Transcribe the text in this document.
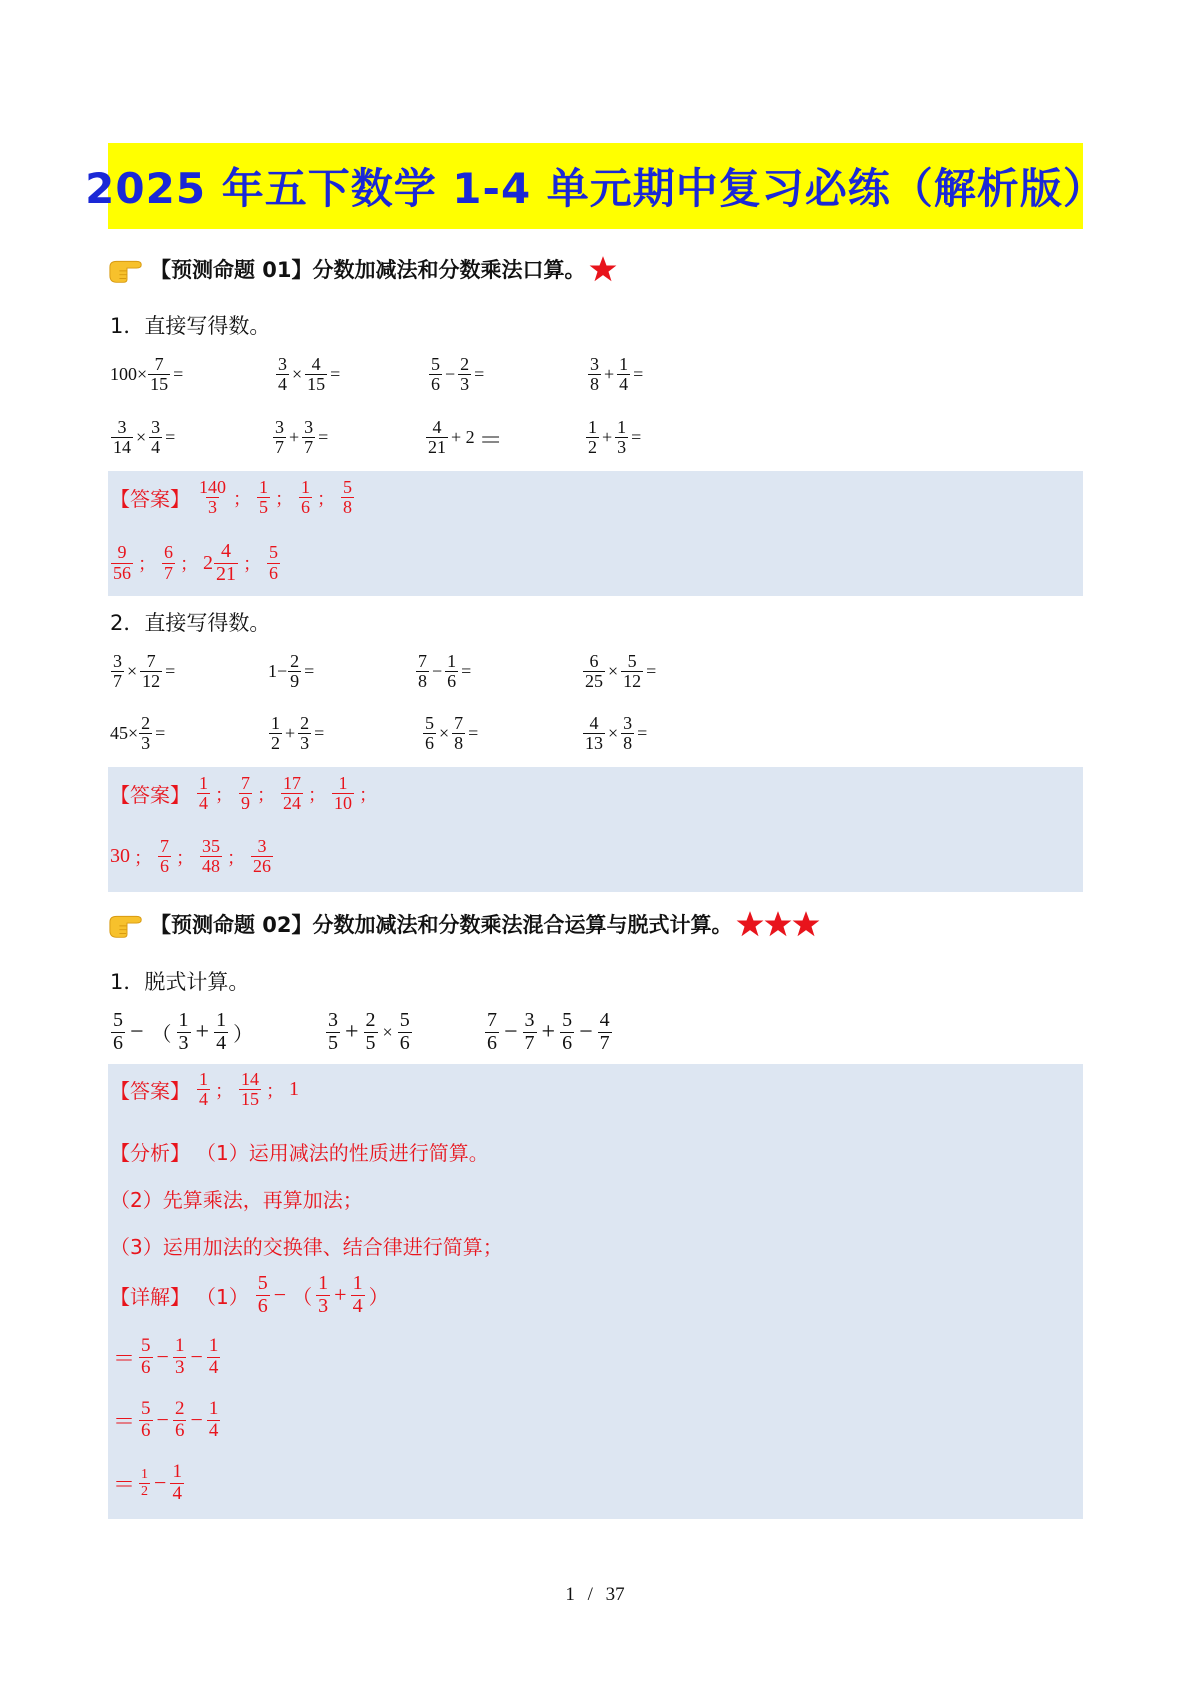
2025 年五下数学 1-4 单元期中复习必练（解析版）
【预测命题 01】分数加减法和分数乘法口算。
1．直接写得数。
$100\times \frac{7}{15}$ =	$\frac{3}{4} \times \frac{4}{15}$ =	$\frac{5}{6} - \frac{2}{3}$ =	$\frac{3}{8} + \frac{1}{4}$ =
$\frac{3}{14} \times \frac{3}{4}$ =	$\frac{3}{7} + \frac{3}{7}$ =	$\frac{4}{21} + 2$ ＝	$\frac{1}{2} + \frac{1}{3}$ =
【答案】 $\frac{140}{3}$ ； $\frac{1}{5}$ ； $\frac{1}{6}$ ； $\frac{5}{8}$
$\frac{9}{56}$ ； $\frac{6}{7}$ ； $2 \frac{4}{21}$ ； $\frac{5}{6}$
2．直接写得数。
$\frac{3}{7} \times \frac{7}{12}$ =	$1- \frac{2}{9}$ =	$\frac{7}{8} - \frac{1}{6}$ =	$\frac{6}{25} \times \frac{5}{12}$ =
$45\times \frac{2}{3}$ =	$\frac{1}{2} + \frac{2}{3}$ =	$\frac{5}{6} \times \frac{7}{8}$ =	$\frac{4}{13} \times \frac{3}{8}$ =
【答案】 $\frac{1}{4}$ ； $\frac{7}{9}$ ； $\frac{17}{24}$ ； $\frac{1}{10}$ ；
30 ； $\frac{7}{6}$ ； $\frac{35}{48}$ ； $\frac{3}{26}$
【预测命题 02】分数加减法和分数乘法混合运算与脱式计算。
1．脱式计算。
$\frac{5}{6}$ − （ $\frac{1}{3} + \frac{1}{4}$ ）	$\frac{3}{5} + \frac{2}{5} \times \frac{5}{6}$	$\frac{7}{6} - \frac{3}{7} + \frac{5}{6} - \frac{4}{7}$
【答案】 $\frac{1}{4}$ ； $\frac{14}{15}$ ； 1
【分析】 （1）运用减法的性质进行简算。
（2）先算乘法，再算加法；
（3）运用加法的交换律、结合律进行简算；
【详解】 $(1) \frac{5}{6}$ − （ $\frac{1}{3} + \frac{1}{4}$ ）
＝ $\frac{5}{6} - \frac{1}{3} - \frac{1}{4}$
＝ $\frac{5}{6} - \frac{2}{6} - \frac{1}{4}$
＝ $\frac{1}{2} - \frac{1}{4}$
1 / 37
